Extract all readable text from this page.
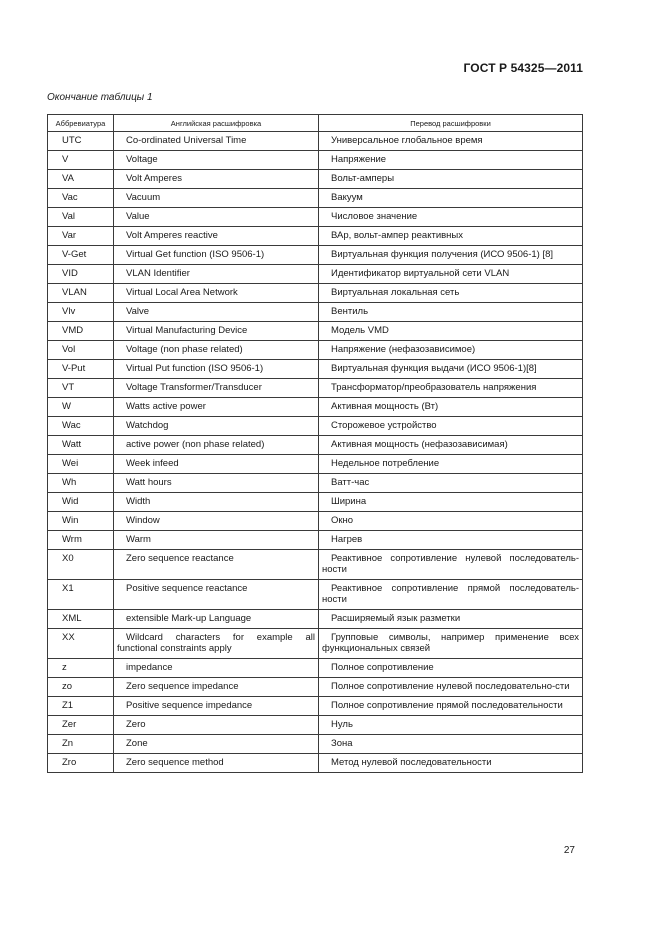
ГОСТ Р 54325—2011
Окончание таблицы 1
Аббревиатура	Английская расшифровка	Перевод расшифровки
UTC	Co-ordinated Universal Time	Универсальное глобальное время
V	Voltage	Напряжение
VA	Volt Amperes	Вольт-амперы
Vac	Vacuum	Вакуум
Val	Value	Числовое значение
Var	Volt Amperes reactive	ВАр, вольт-ампер реактивных
V-Get	Virtual Get function (ISO 9506-1)	Виртуальная функция получения (ИСО 9506-1) [8]
VID	VLAN Identifier	Идентификатор виртуальной сети VLAN
VLAN	Virtual Local Area Network	Виртуальная локальная сеть
Vlv	Valve	Вентиль
VMD	Virtual Manufacturing Device	Модель VMD
Vol	Voltage (non phase related)	Напряжение (нефазозависимое)
V-Put	Virtual Put function (ISO 9506-1)	Виртуальная функция выдачи (ИСО 9506-1)[8]
VT	Voltage Transformer/Transducer	Трансформатор/преобразователь напряжения
W	Watts active power	Активная мощность (Вт)
Wac	Watchdog	Сторожевое устройство
Watt	active power (non phase related)	Активная мощность (нефазозависимая)
Wei	Week infeed	Недельное потребление
Wh	Watt hours	Ватт-час
Wid	Width	Ширина
Win	Window	Окно
Wrm	Warm	Нагрев
X0	Zero sequence reactance	Реактивное сопротивление нулевой последователь-ности
X1	Positive sequence reactance	Реактивное сопротивление прямой последователь-ности
XML	extensible Mark-up Language	Расширяемый язык разметки
XX	Wildcard characters for example all functional constraints apply	Групповые символы, например применение всех функциональных связей
z	impedance	Полное сопротивление
zo	Zero sequence impedance	Полное сопротивление нулевой последовательно-сти
Z1	Positive sequence impedance	Полное сопротивление прямой последовательности
Zer	Zero	Нуль
Zn	Zone	Зона
Zro	Zero sequence method	Метод нулевой последовательности
27
